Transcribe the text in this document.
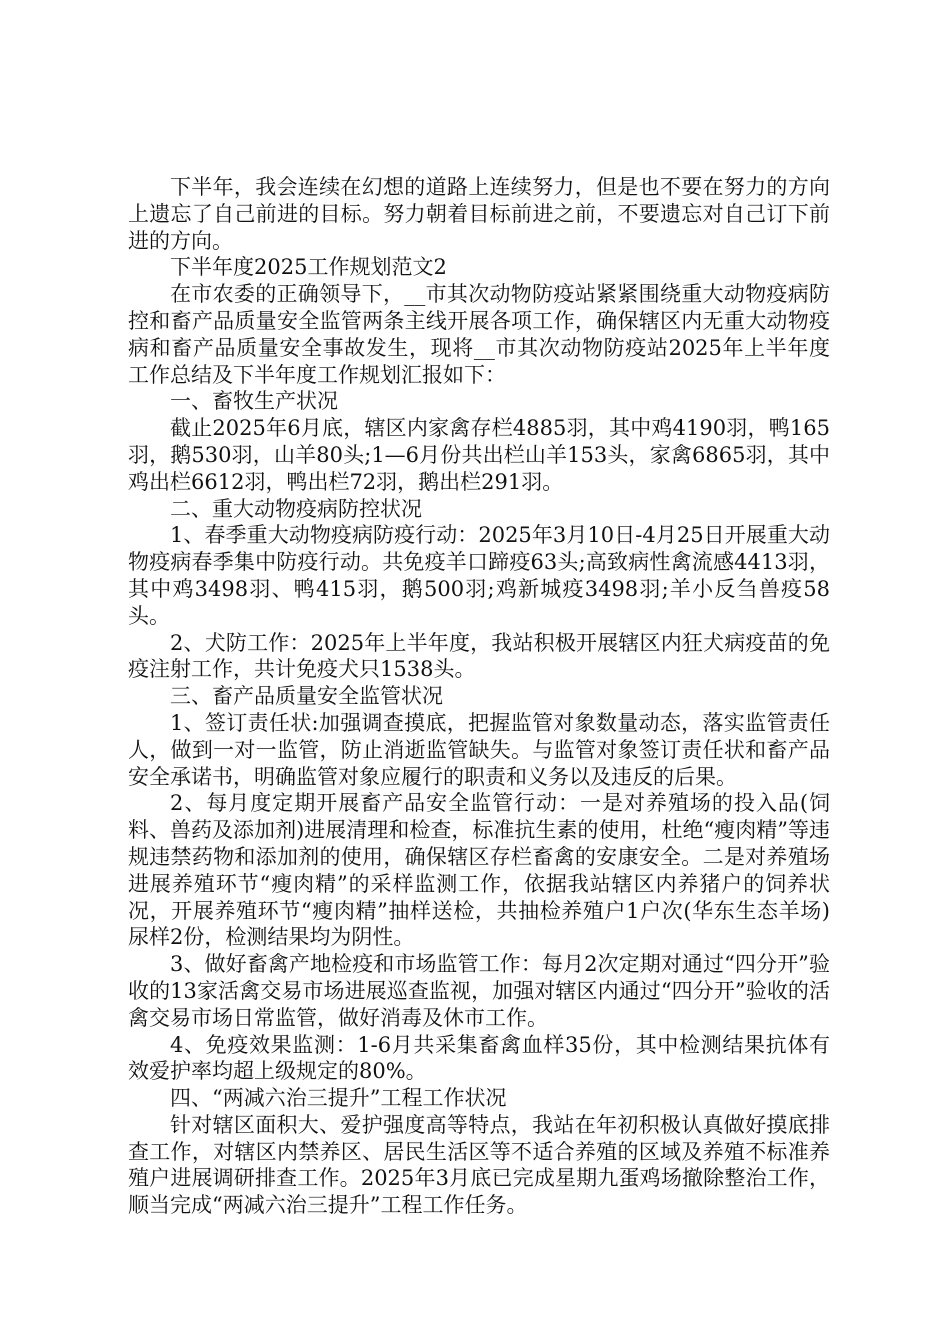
下半年，我会连续在幻想的道路上连续努力，但是也不要在努力的方向上遗忘了自己前进的目标。努力朝着目标前进之前，不要遗忘对自己订下前进的方向。

下半年度2025工作规划范文2

在市农委的正确领导下，__市其次动物防疫站紧紧围绕重大动物疫病防控和畜产品质量安全监管两条主线开展各项工作，确保辖区内无重大动物疫病和畜产品质量安全事故发生，现将__市其次动物防疫站2025年上半年度工作总结及下半年度工作规划汇报如下：

一、畜牧生产状况

截止2025年6月底，辖区内家禽存栏4885羽，其中鸡4190羽，鸭165羽，鹅530羽，山羊80头;1—6月份共出栏山羊153头，家禽6865羽，其中鸡出栏6612羽，鸭出栏72羽，鹅出栏291羽。

二、重大动物疫病防控状况

1、春季重大动物疫病防疫行动：2025年3月10日-4月25日开展重大动物疫病春季集中防疫行动。共免疫羊口蹄疫63头;高致病性禽流感4413羽，其中鸡3498羽、鸭415羽，鹅500羽;鸡新城疫3498羽;羊小反刍兽疫58头。

2、犬防工作：2025年上半年度，我站积极开展辖区内狂犬病疫苗的免疫注射工作，共计免疫犬只1538头。

三、畜产品质量安全监管状况

1、签订责任状:加强调查摸底，把握监管对象数量动态，落实监管责任人，做到一对一监管，防止消逝监管缺失。与监管对象签订责任状和畜产品安全承诺书，明确监管对象应履行的职责和义务以及违反的后果。

2、每月度定期开展畜产品安全监管行动：一是对养殖场的投入品(饲料、兽药及添加剂)进展清理和检查，标准抗生素的使用，杜绝“瘦肉精”等违规违禁药物和添加剂的使用，确保辖区存栏畜禽的安康安全。二是对养殖场进展养殖环节“瘦肉精”的采样监测工作，依据我站辖区内养猪户的饲养状况，开展养殖环节“瘦肉精”抽样送检，共抽检养殖户1户次(华东生态羊场)尿样2份，检测结果均为阴性。

3、做好畜禽产地检疫和市场监管工作：每月2次定期对通过“四分开”验收的13家活禽交易市场进展巡查监视，加强对辖区内通过“四分开”验收的活禽交易市场日常监管，做好消毒及休市工作。

4、免疫效果监测：1-6月共采集畜禽血样35份，其中检测结果抗体有效爱护率均超上级规定的80%。

四、“两减六治三提升”工程工作状况

针对辖区面积大、爱护强度高等特点，我站在年初积极认真做好摸底排查工作，对辖区内禁养区、居民生活区等不适合养殖的区域及养殖不标准养殖户进展调研排查工作。2025年3月底已完成星期九蛋鸡场撤除整治工作，顺当完成“两减六治三提升”工程工作任务。
